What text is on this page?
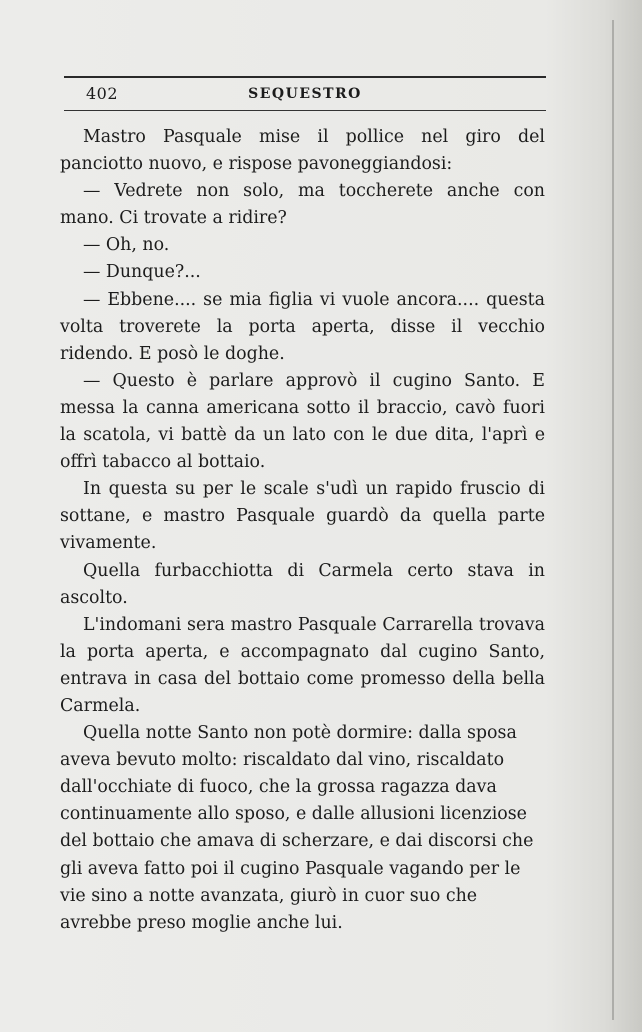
402	SEQUESTRO

Mastro Pasquale mise il pollice nel giro del panciotto nuovo, e rispose pavoneggiandosi:

— Vedrete non solo, ma toccherete anche con mano. Ci trovate a ridire?

— Oh, no.

— Dunque?...

— Ebbene.... se mia figlia vi vuole ancora.... questa volta troverete la porta aperta, disse il vecchio ridendo. E posò le doghe.

— Questo è parlare approvò il cugino Santo. E messa la canna americana sotto il braccio, cavò fuori la scatola, vi battè da un lato con le due dita, l'aprì e offrì tabacco al bottaio.

In questa su per le scale s'udì un rapido fruscio di sottane, e mastro Pasquale guardò da quella parte vivamente.

Quella furbacchiotta di Carmela certo stava in ascolto.

L'indomani sera mastro Pasquale Carrarella trovava la porta aperta, e accompagnato dal cugino Santo, entrava in casa del bottaio come promesso della bella Carmela.

Quella notte Santo non potè dormire: dalla sposa aveva bevuto molto: riscaldato dal vino, riscaldato dall'occhiate di fuoco, che la grossa ragazza dava continuamente allo sposo, e dalle allusioni licenziose del bottaio che amava di scherzare, e dai discorsi che gli aveva fatto poi il cugino Pasquale vagando per le vie sino a notte avanzata, giurò in cuor suo che avrebbe preso moglie anche lui.
